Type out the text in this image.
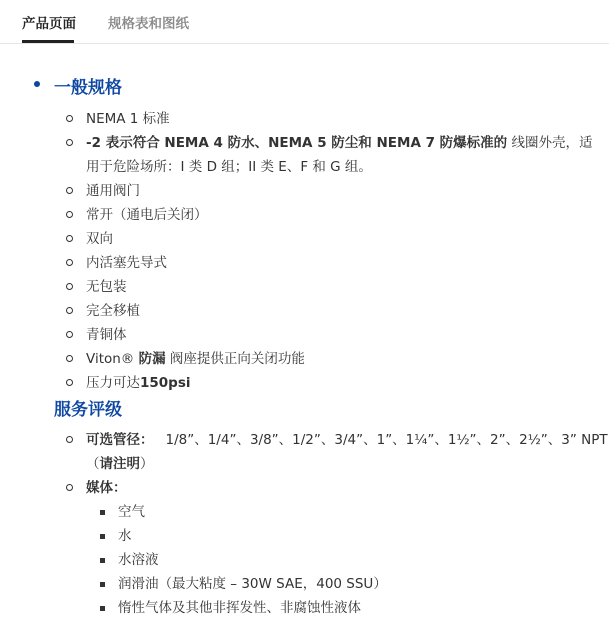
产品页面 规格表和图纸
一般规格
NEMA 1 标准
-2 表示符合 NEMA 4 防水、NEMA 5 防尘和 NEMA 7 防爆标准的 线圈外壳，适
用于危险场所：I 类 D 组；II 类 E、F 和 G 组。
通用阀门
常开（通电后关闭）
双向
内活塞先导式
无包装
完全移植
青铜体
Viton® 防漏 阀座提供正向关闭功能
压力可达150psi
服务评级
可选管径： 1/8”、1/4”、3/8”、1/2”、3/4”、1”、1¼”、1½”、2”、2½”、3” NPT
（请注明）
媒体：
空气
水
水溶液
润滑油（最大粘度 – 30W SAE，400 SSU）
惰性气体及其他非挥发性、非腐蚀性液体
